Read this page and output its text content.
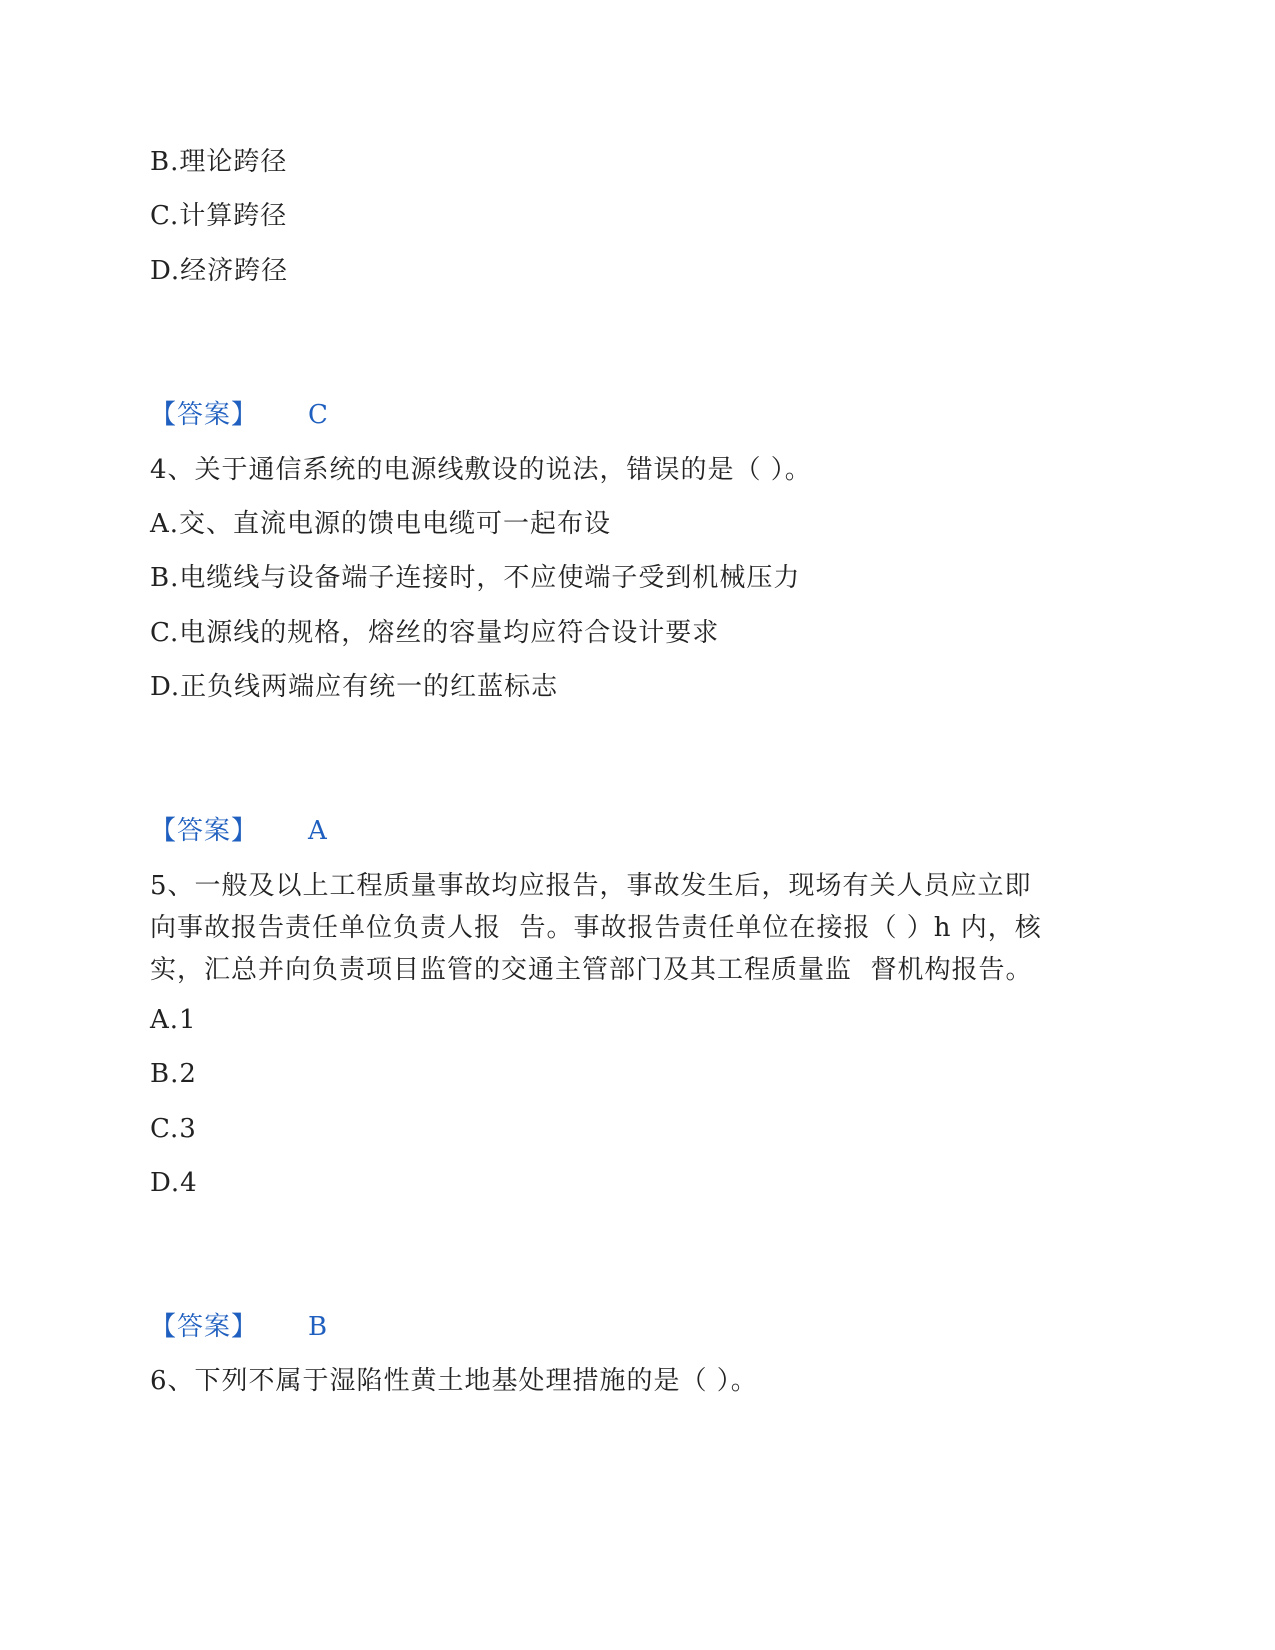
B.理论跨径
C.计算跨径
D.经济跨径
【答案】 C
4、关于通信系统的电源线敷设的说法，错误的是（ ）。
A.交、直流电源的馈电电缆可一起布设
B.电缆线与设备端子连接时，不应使端子受到机械压力
C.电源线的规格，熔丝的容量均应符合设计要求
D.正负线两端应有统一的红蓝标志
【答案】 A
5、一般及以上工程质量事故均应报告，事故发生后，现场有关人员应立即
向事故报告责任单位负责人报  告。事故报告责任单位在接报（ ）h 内，核
实，汇总并向负责项目监管的交通主管部门及其工程质量监  督机构报告。
A.1
B.2
C.3
D.4
【答案】 B
6、下列不属于湿陷性黄土地基处理措施的是（ ）。
